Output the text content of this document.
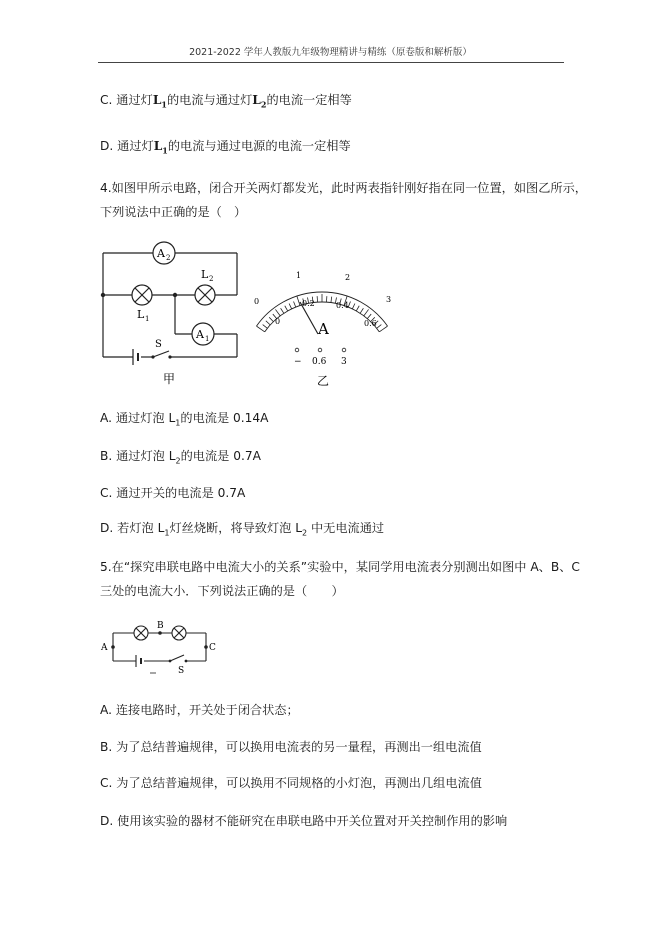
2021-2022 学年人教版九年级物理精讲与精练（原卷版和解析版）
C. 通过灯$L_1$的电流与通过灯$L_2$的电流一定相等
D. 通过灯$L_1$的电流与通过电源的电流一定相等
4.如图甲所示电路，闭合开关两灯都发光，此时两表指针刚好指在同一位置，如图乙所示，
下列说法中正确的是（　）
A 2
A 1
L 1
L 2
S
甲
0
1	2
3
0
0.2	0.4
0.6
A
− 0.6 3
乙
A. 通过灯泡 $L_1$的电流是 0.14A
B. 通过灯泡 $L_2$的电流是 0.7A
C. 通过开关的电流是 0.7A
D. 若灯泡 $L_1$灯丝烧断，将导致灯泡 $L_2$ 中无电流通过
5.在“探究串联电路中电流大小的关系”实验中，某同学用电流表分别测出如图中 A、B、C
三处的电流大小．下列说法正确的是（　　）
A
B
C
S
A. 连接电路时，开关处于闭合状态；
B. 为了总结普遍规律，可以换用电流表的另一量程，再测出一组电流值
C. 为了总结普遍规律，可以换用不同规格的小灯泡，再测出几组电流值
D. 使用该实验的器材不能研究在串联电路中开关位置对开关控制作用的影响
